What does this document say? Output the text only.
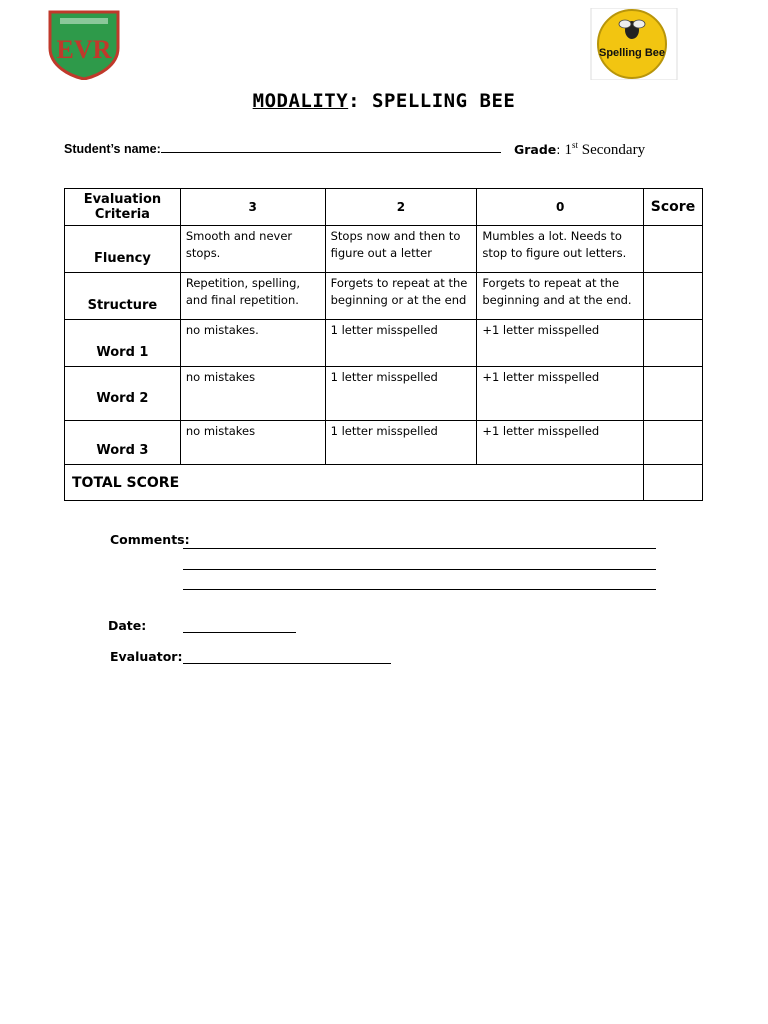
EVR	Spelling Bee
MODALITY: SPELLING BEE
Student’s name:	Grade: 1st Secondary
Evaluation Criteria	3	2	0	Score
Fluency	Smooth and never stops.	Stops now and then to figure out a letter	Mumbles a lot. Needs to stop to figure out letters.	
Structure	Repetition, spelling, and final repetition.	Forgets to repeat at the beginning or at the end	Forgets to repeat at the beginning and at the end.	
Word 1	no mistakes.	1 letter misspelled	+1 letter misspelled	
Word 2	no mistakes	1 letter misspelled	+1 letter misspelled	
Word 3	no mistakes	1 letter misspelled	+1 letter misspelled	
TOTAL SCORE				
Comments:
Date:
Evaluator:
